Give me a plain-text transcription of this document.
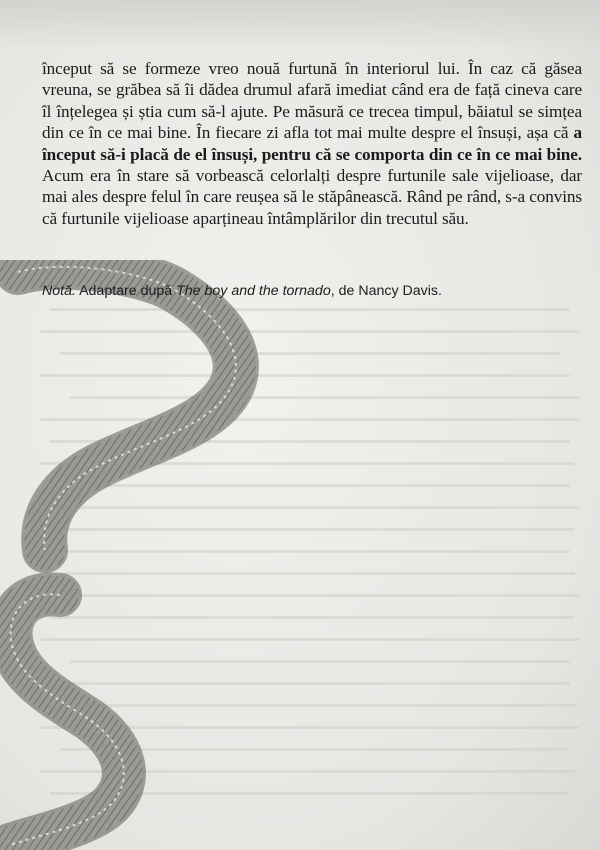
început să se formeze vreo nouă furtună în interiorul lui. În caz că găsea vreuna, se grăbea să îi dădea drumul afară imediat când era de față cineva care îl înțelegea și știa cum să-l ajute. Pe măsură ce trecea timpul, băiatul se simțea din ce în ce mai bine. În fiecare zi afla tot mai multe despre el însuși, așa că a început să-i placă de el însuși, pentru că se comporta din ce în ce mai bine. Acum era în stare să vorbească celorlalți despre furtunile sale vijelioase, dar mai ales despre felul în care reușea să le stăpânească. Rând pe rând, s-a convins că furtunile vijelioase aparțineau întâmplărilor din trecutul său.
Notă. Adaptare după The boy and the tornado, de Nancy Davis.
